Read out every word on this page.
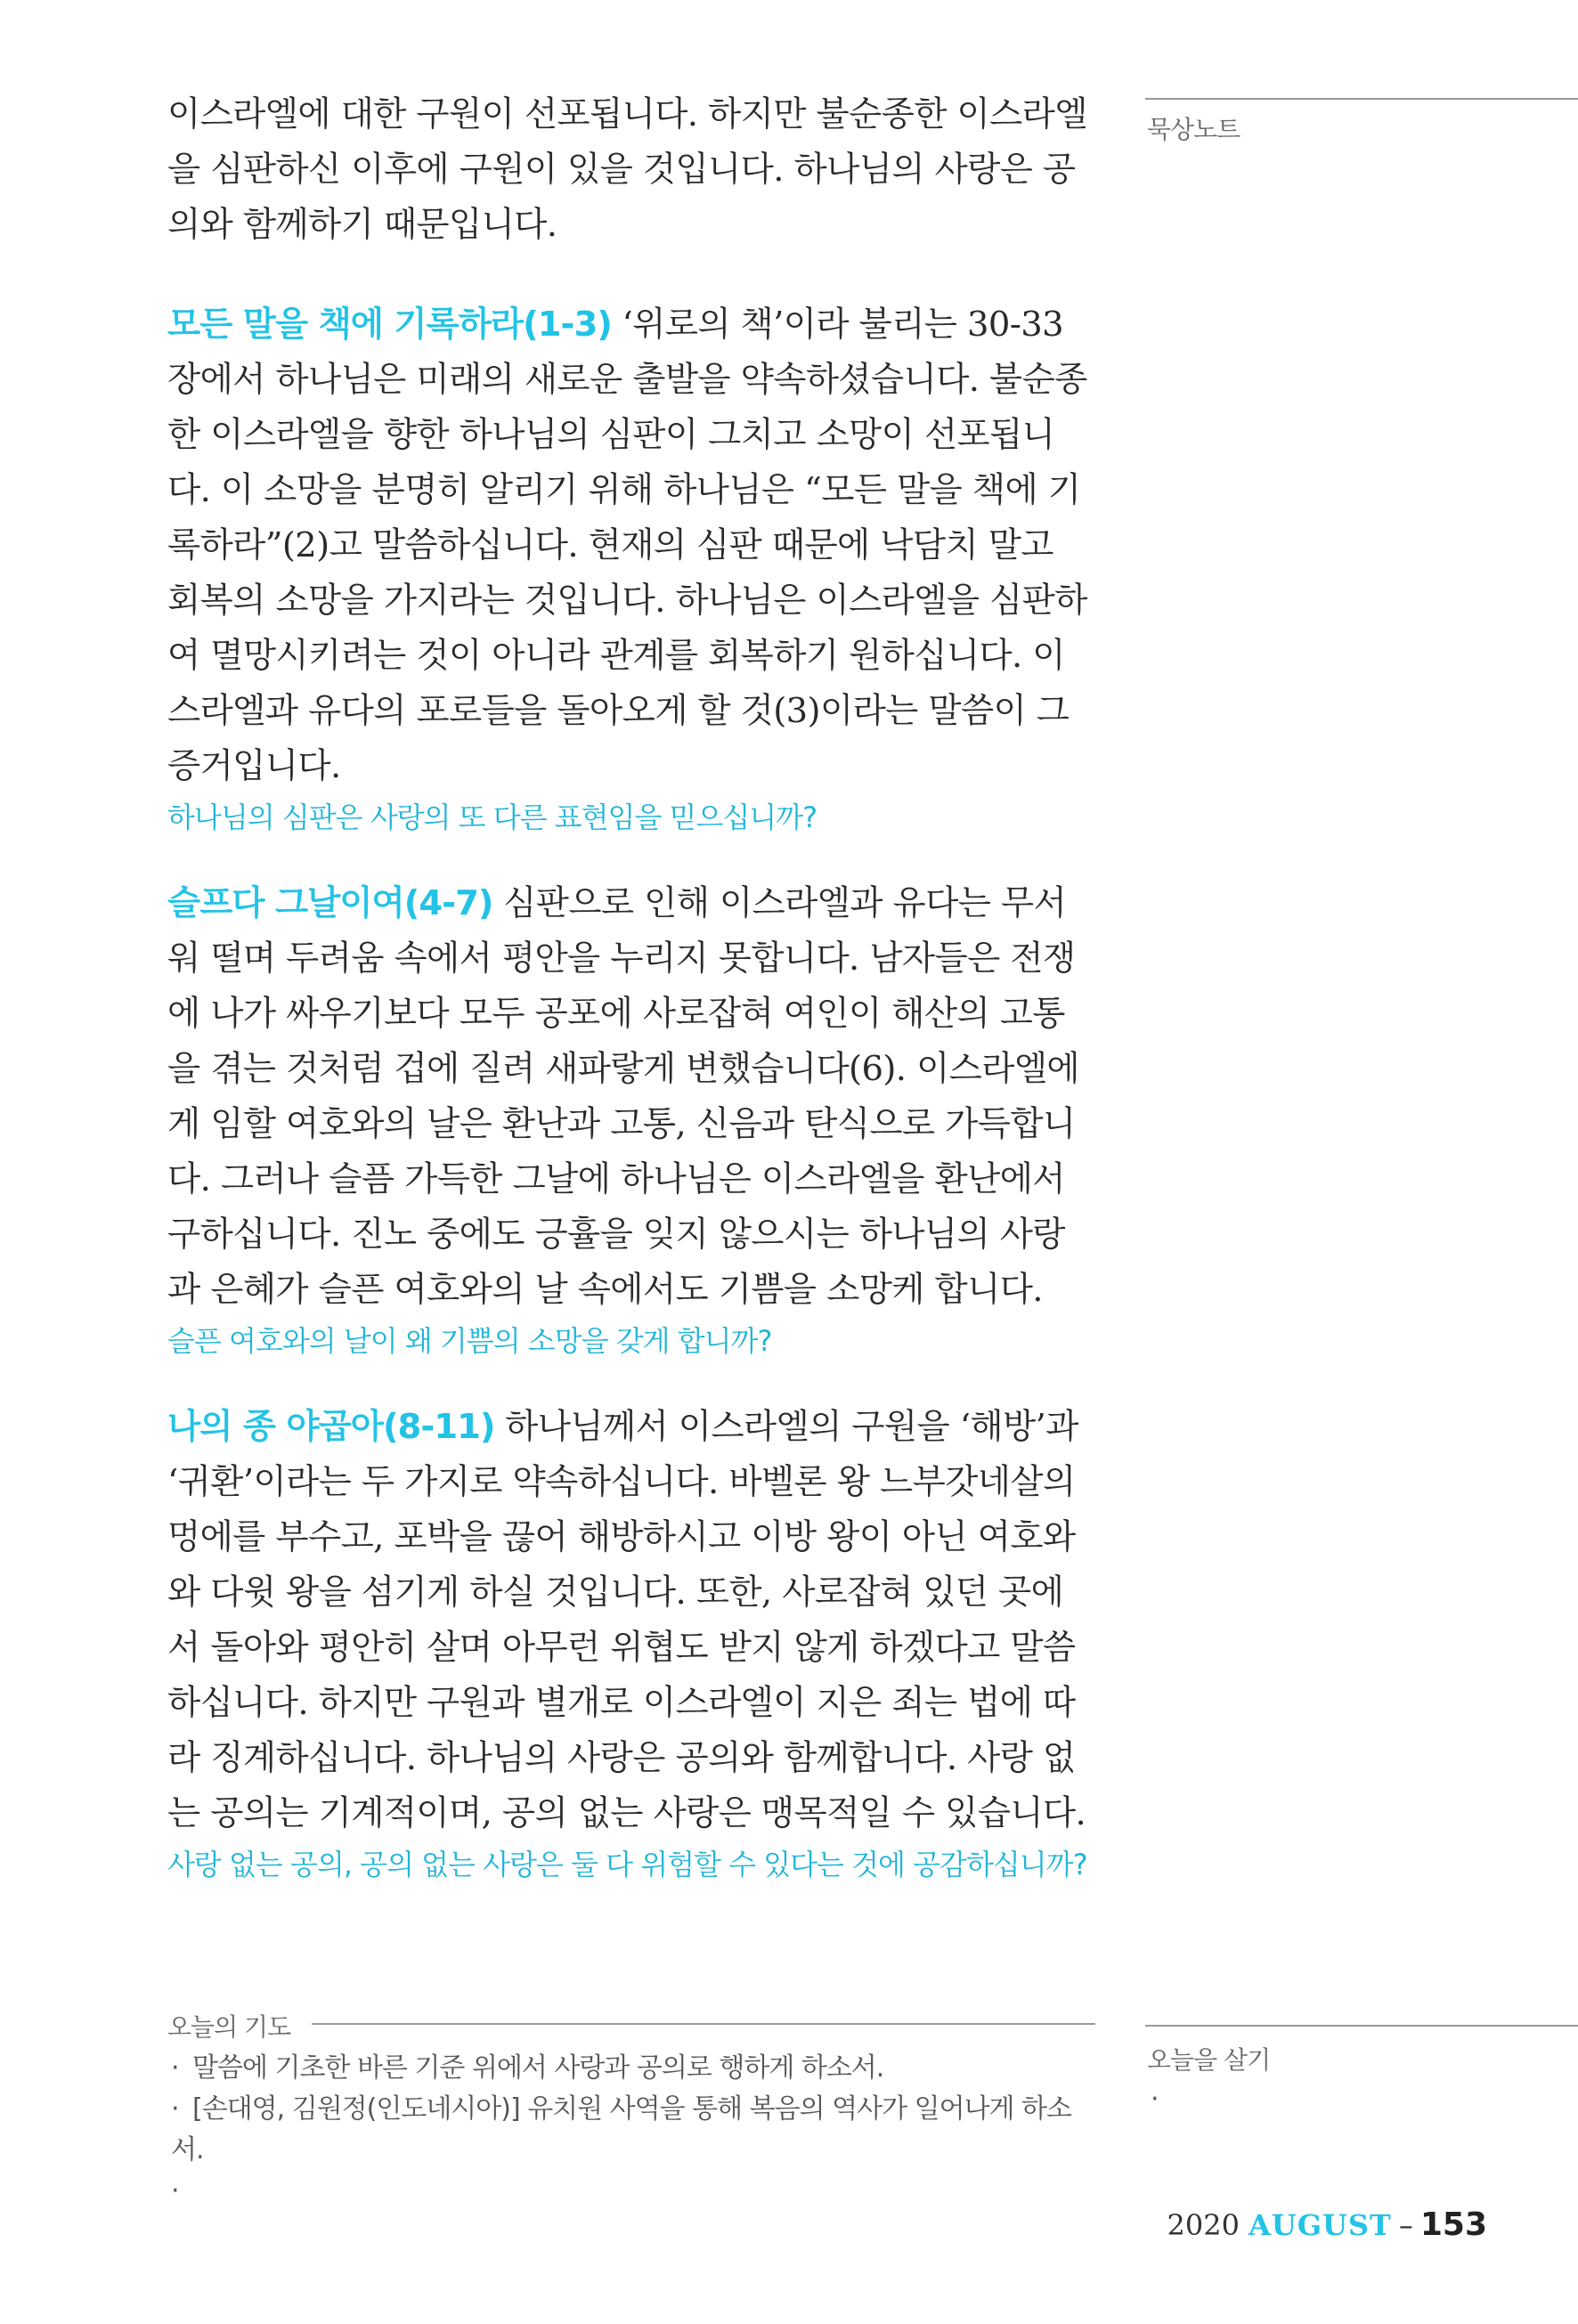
묵상노트

이스라엘에 대한 구원이 선포됩니다. 하지만 불순종한 이스라엘을 심판하신 이후에 구원이 있을 것입니다. 하나님의 사랑은 공의와 함께하기 때문입니다.

모든 말을 책에 기록하라(1-3) ‘위로의 책’이라 불리는 30-33장에서 하나님은 미래의 새로운 출발을 약속하셨습니다. 불순종한 이스라엘을 향한 하나님의 심판이 그치고 소망이 선포됩니다. 이 소망을 분명히 알리기 위해 하나님은 “모든 말을 책에 기록하라”(2)고 말씀하십니다. 현재의 심판 때문에 낙담치 말고 회복의 소망을 가지라는 것입니다. 하나님은 이스라엘을 심판하여 멸망시키려는 것이 아니라 관계를 회복하기 원하십니다. 이스라엘과 유다의 포로들을 돌아오게 할 것(3)이라는 말씀이 그 증거입니다.

하나님의 심판은 사랑의 또 다른 표현임을 믿으십니까?

슬프다 그날이여(4-7) 심판으로 인해 이스라엘과 유다는 무서워 떨며 두려움 속에서 평안을 누리지 못합니다. 남자들은 전쟁에 나가 싸우기보다 모두 공포에 사로잡혀 여인이 해산의 고통을 겪는 것처럼 겁에 질려 새파랗게 변했습니다(6). 이스라엘에게 임할 여호와의 날은 환난과 고통, 신음과 탄식으로 가득합니다. 그러나 슬픔 가득한 그날에 하나님은 이스라엘을 환난에서 구하십니다. 진노 중에도 긍휼을 잊지 않으시는 하나님의 사랑과 은혜가 슬픈 여호와의 날 속에서도 기쁨을 소망케 합니다.

슬픈 여호와의 날이 왜 기쁨의 소망을 갖게 합니까?

나의 종 야곱아(8-11) 하나님께서 이스라엘의 구원을 ‘해방’과 ‘귀환’이라는 두 가지로 약속하십니다. 바벨론 왕 느부갓네살의 멍에를 부수고, 포박을 끊어 해방하시고 이방 왕이 아닌 여호와와 다윗 왕을 섬기게 하실 것입니다. 또한, 사로잡혀 있던 곳에서 돌아와 평안히 살며 아무런 위협도 받지 않게 하겠다고 말씀하십니다. 하지만 구원과 별개로 이스라엘이 지은 죄는 법에 따라 징계하십니다. 하나님의 사랑은 공의와 함께합니다. 사랑 없는 공의는 기계적이며, 공의 없는 사랑은 맹목적일 수 있습니다.

사랑 없는 공의, 공의 없는 사랑은 둘 다 위험할 수 있다는 것에 공감하십니까?
오늘의 기도
· 말씀에 기초한 바른 기준 위에서 사랑과 공의로 행하게 하소서.
· [손대영, 김원정(인도네시아)] 유치원 사역을 통해 복음의 역사가 일어나게 하소서.
·
오늘을 살기
·
2020 AUGUST – 153
